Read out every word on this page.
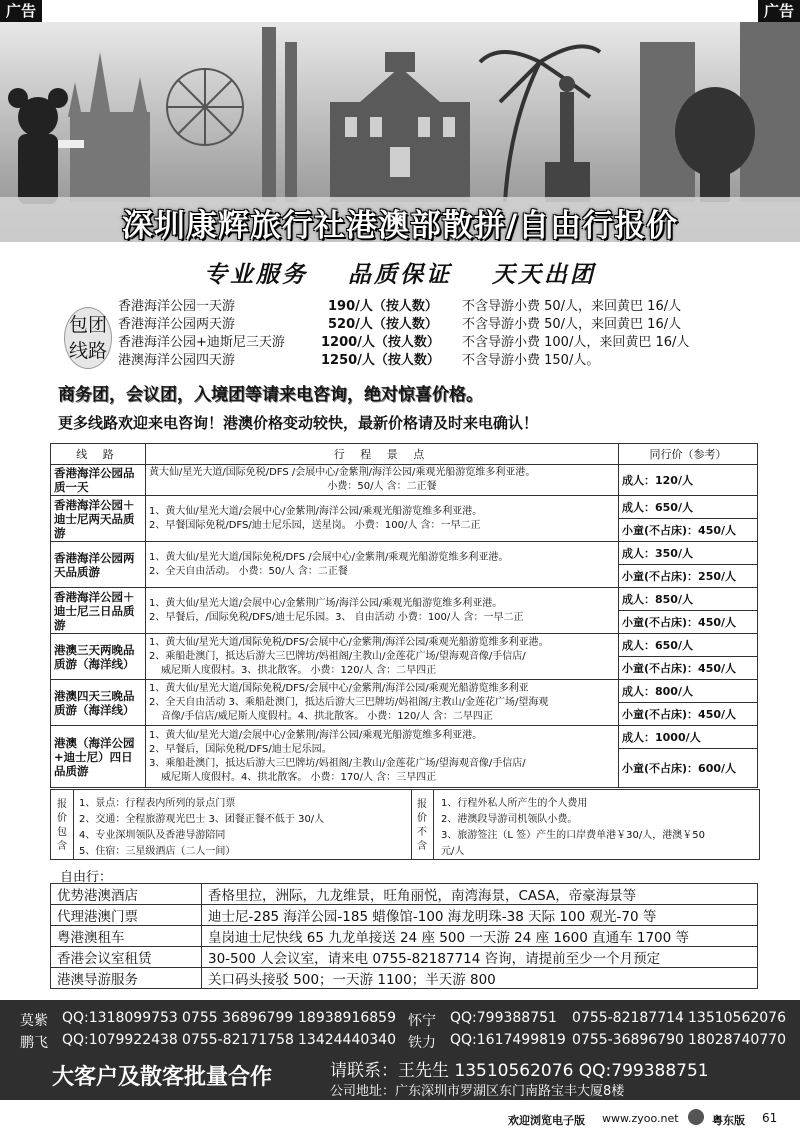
广告	广告
深圳康辉旅行社港澳部散拼/自由行报价
专业服务 品质保证 天天出团
包团
线路
香港海洋公园一天游	190/人（按人数） 不含导游小费 50/人，来回黄巴 16/人
香港海洋公园两天游	520/人（按人数） 不含导游小费 50/人，来回黄巴 16/人
香港海洋公园+迪斯尼三天游	1200/人（按人数） 不含导游小费 100/人，来回黄巴 16/人
港澳海洋公园四天游	1250/人（按人数） 不含导游小费 150/人。
商务团，会议团，入境团等请来电咨询，绝对惊喜价格。
更多线路欢迎来电咨询！港澳价格变动较快，最新价格请及时来电确认！
线 路	行 程 景 点	同行价（参考）
香港海洋公园品质一天	黄大仙/星光大道/国际免税/DFS /会展中心/金紫荆/海洋公园/乘观光船游览维多利亚港。
小费：50/人 含：二正餐	成人：120/人
香港海洋公园＋迪士尼两天品质游	1、黄大仙/星光大道/会展中心/金紫荆/海洋公园/乘观光船游览维多利亚港。
2、早餐国际免税/DFS/迪士尼乐园，送星岗。 小费：100/人 含：一早二正	成人：650/人
		小童(不占床)：450/人
香港海洋公园两天品质游	1、黄大仙/星光大道/国际免税/DFS /会展中心/金紫荆/乘观光船游览维多利亚港。
2、全天自由活动。 小费：50/人 含：二正餐	成人：350/人
		小童(不占床)：250/人
香港海洋公园＋迪士尼三日品质游	1、黄大仙/星光大道/会展中心/金紫荆广场/海洋公园/乘观光船游览维多利亚港。
2、早餐后，/国际免税/DFS/迪士尼乐园。3、 自由活动 小费：100/人 含：一早二正	成人：850/人
		小童(不占床)：450/人
港澳三天两晚品质游（海洋线）	1、黄大仙/星光大道/国际免税/DFS/会展中心/金紫荆/海洋公园/乘观光船游览维多利亚港。
2、乘船赴澳门，抵达后游大三巴牌坊/妈祖阁/主教山/金莲花广场/望海观音像/手信店/
威尼斯人度假村。3、拱北散客。 小费：120/人 含：二早四正	成人：650/人
		小童(不占床)：450/人
港澳四天三晚品质游（海洋线）	1、黄大仙/星光大道/国际免税/DFS/会展中心/金紫荆/海洋公园/乘观光船游览维多利亚
2、全天自由活动 3、乘船赴澳门，抵达后游大三巴牌坊/妈祖阁/主教山/金莲花广场/望海观
音像/手信店/威尼斯人度假村。4、拱北散客。 小费：120/人 含：二早四正	成人：800/人
		小童(不占床)：450/人
港澳（海洋公园+迪士尼）四日品质游	1、黄大仙/星光大道/会展中心/金紫荆/海洋公园/乘观光船游览维多利亚港。
2、早餐后，国际免税/DFS/迪士尼乐园。
3、乘船赴澳门，抵达后游大三巴牌坊/妈祖阁/主教山/金莲花广场/望海观音像/手信店/
威尼斯人度假村。4、拱北散客。 小费：170/人 含：三早四正	成人：1000/人
		小童(不占床)：600/人
报
价
包
含
1、景点：行程表内所列的景点门票
2、交通：全程旅游观光巴士 3、团餐正餐不低于 30/人
4、专业深圳领队及香港导游陪同
5、住宿：三星级酒店（二人一间）
报
价
不
含
1、行程外私人所产生的个人费用
2、港澳段导游司机领队小费。
3、旅游签注（L 签）产生的口岸费单港￥30/人，港澳￥50
元/人
自由行：
优势港澳酒店	香格里拉，洲际，九龙维景，旺角丽悦，南湾海景，CASA，帝豪海景等
代理港澳门票	迪士尼-285 海洋公园-185 蜡像馆-100 海龙明珠-38 天际 100 观光-70 等
粤港澳租车	皇岗迪士尼快线 65 九龙单接送 24 座 500 一天游 24 座 1600 直通车 1700 等
香港会议室租赁	30-500 人会议室，请来电 0755-82187714 咨询，请提前至少一个月预定
港澳导游服务	关口码头接驳 500；一天游 1100；半天游 800
莫紫 QQ:1318099753 0755 36896799 18938916859 怀宁 QQ:799388751 0755-82187714 13510562076
鹏飞 QQ:1079922438 0755-82171758 13424440340 铁力 QQ:1617499819 0755-36896790 18028740770
大客户及散客批量合作	请联系：王先生 13510562076 QQ:799388751
公司地址：广东深圳市罗湖区东门南路宝丰大厦8楼
欢迎浏览电子版 www.zyoo.net	粤东版 61
